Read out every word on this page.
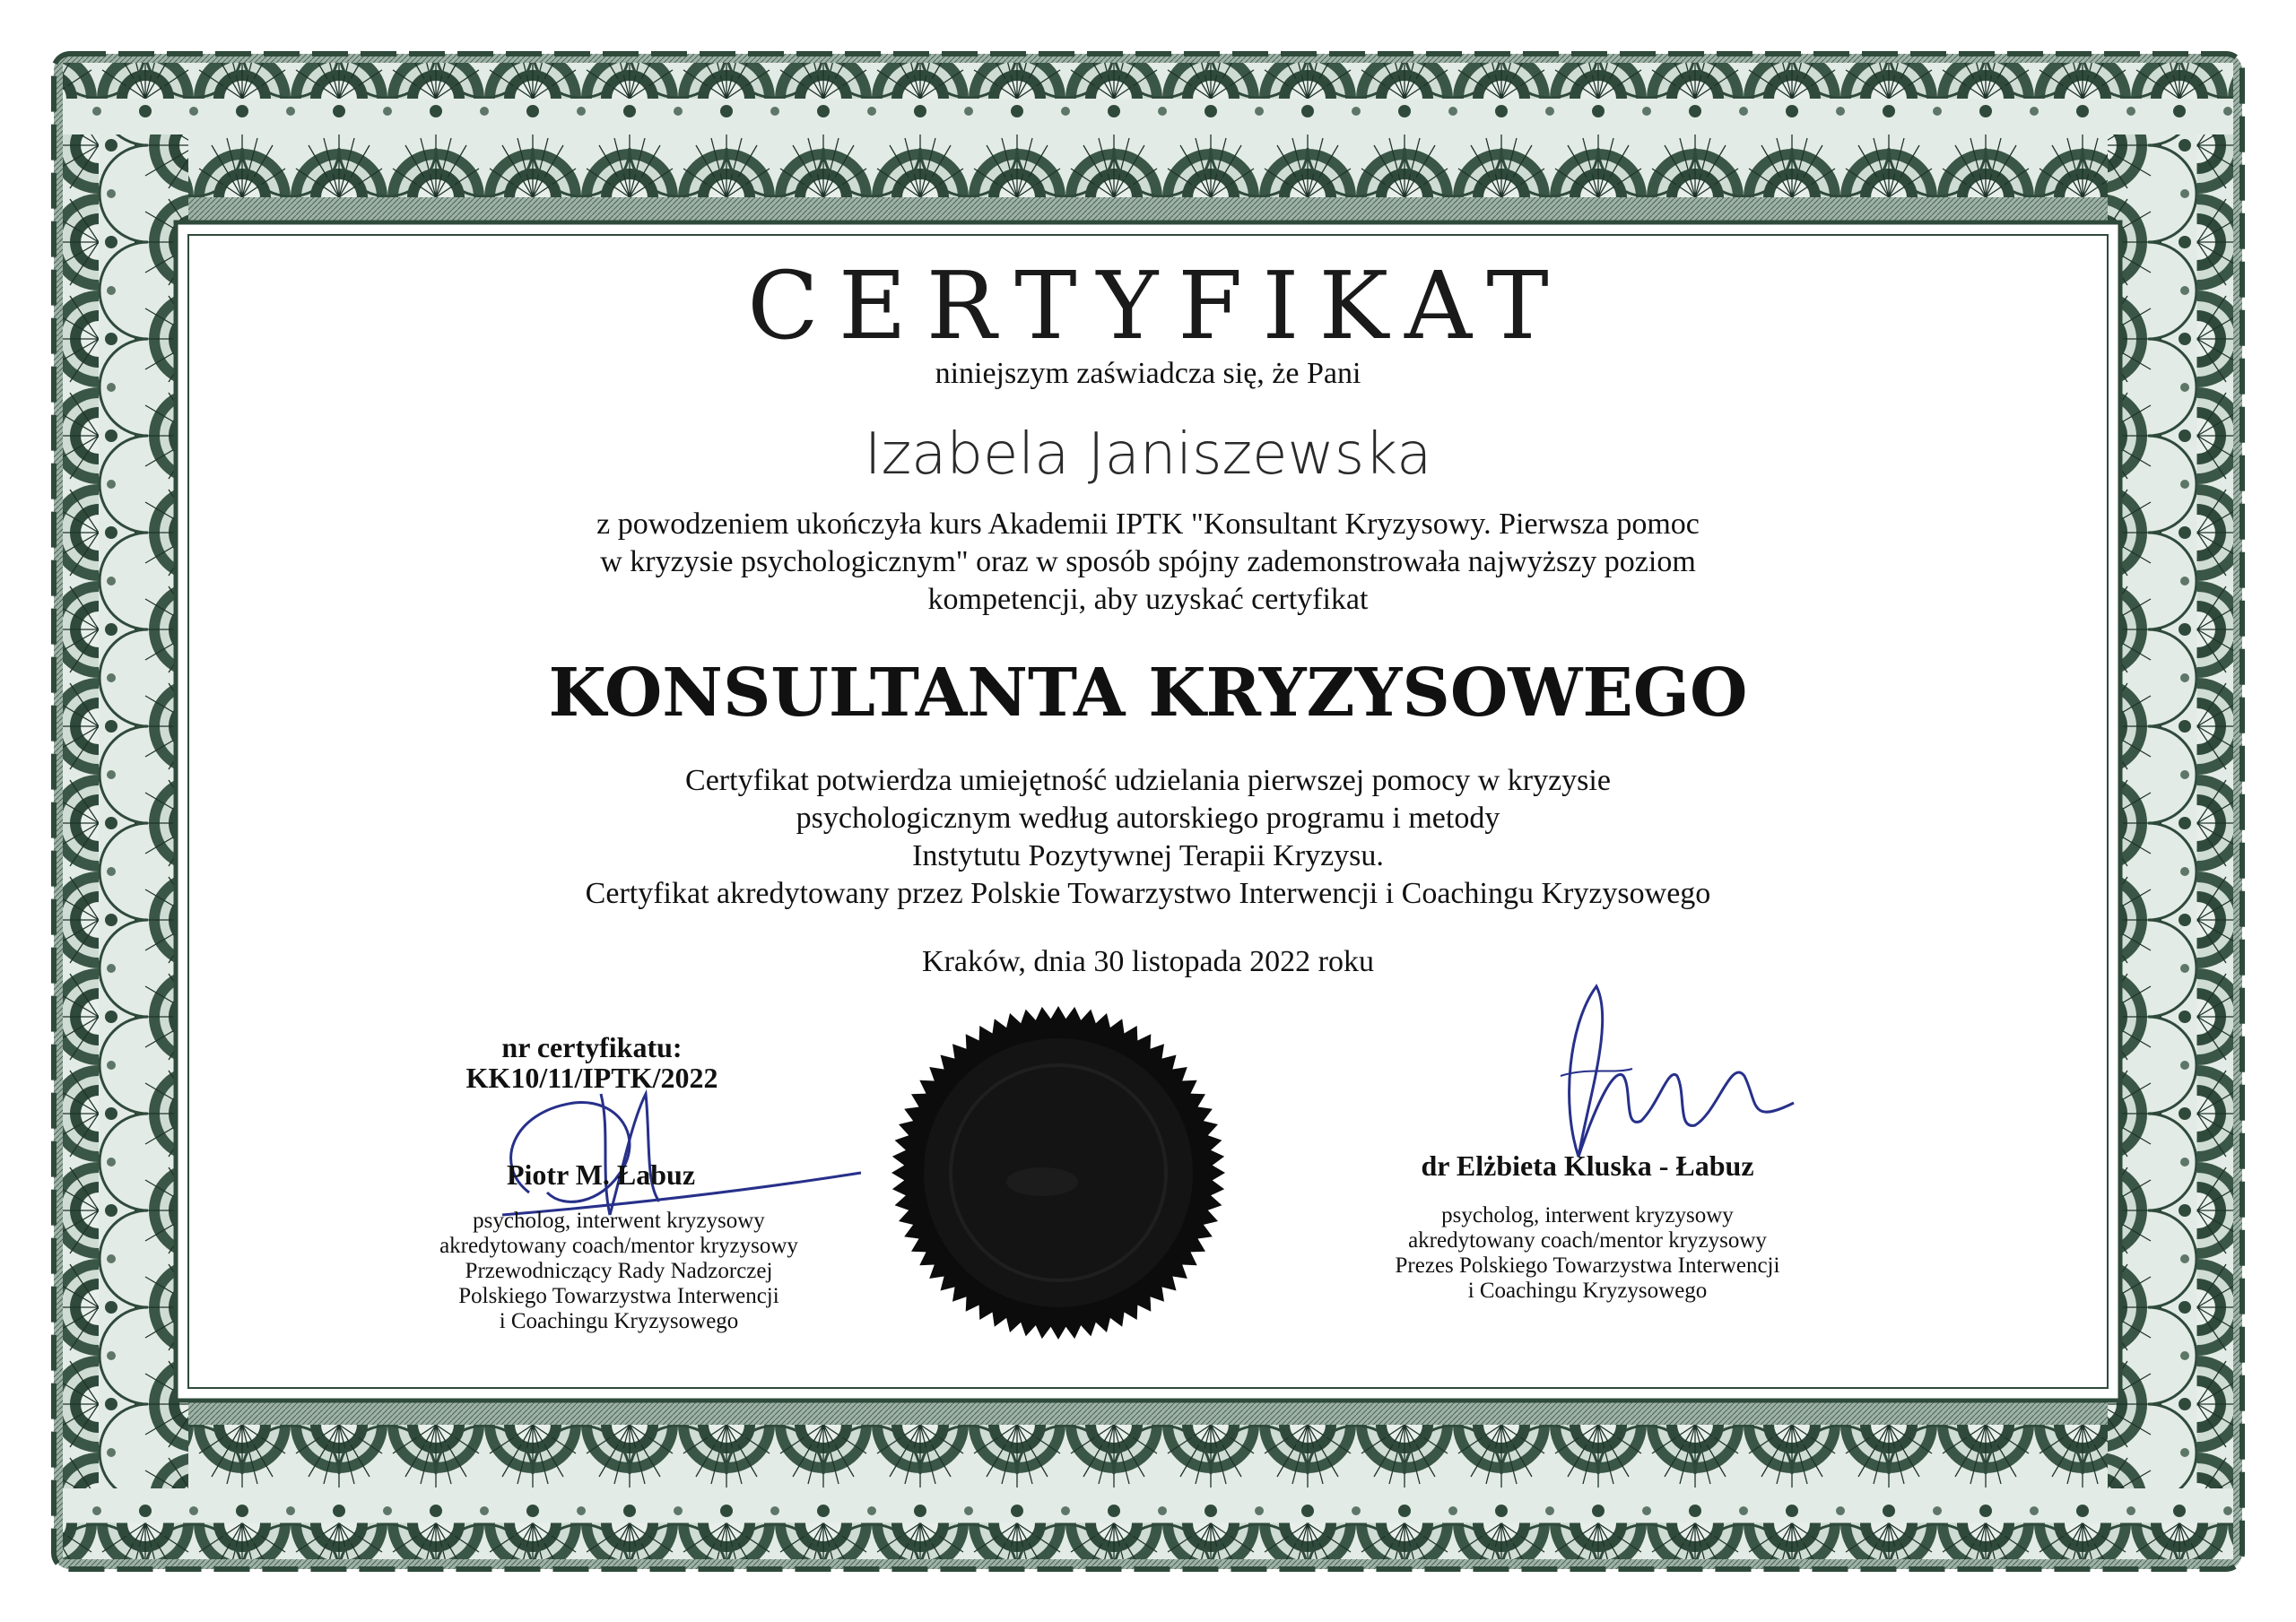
CERTYFIKAT
niniejszym zaświadcza się, że Pani
Izabela Janiszewska
z powodzeniem ukończyła kurs Akademii IPTK "Konsultant Kryzysowy. Pierwsza pomoc
w kryzysie psychologicznym" oraz w sposób spójny zademonstrowała najwyższy poziom
kompetencji, aby uzyskać certyfikat
KONSULTANTA KRYZYSOWEGO
Certyfikat potwierdza umiejętność udzielania pierwszej pomocy w kryzysie
psychologicznym według autorskiego programu i metody
Instytutu Pozytywnej Terapii Kryzysu.
Certyfikat akredytowany przez Polskie Towarzystwo Interwencji i Coachingu Kryzysowego
Kraków, dnia 30 listopada 2022 roku
nr certyfikatu:
KK10/11/IPTK/2022
Piotr M. Łabuz
psycholog, interwent kryzysowy
akredytowany coach/mentor kryzysowy
Przewodniczący Rady Nadzorczej
Polskiego Towarzystwa Interwencji
i Coachingu Kryzysowego
dr Elżbieta Kluska - Łabuz
psycholog, interwent kryzysowy
akredytowany coach/mentor kryzysowy
Prezes Polskiego Towarzystwa Interwencji
i Coachingu Kryzysowego
